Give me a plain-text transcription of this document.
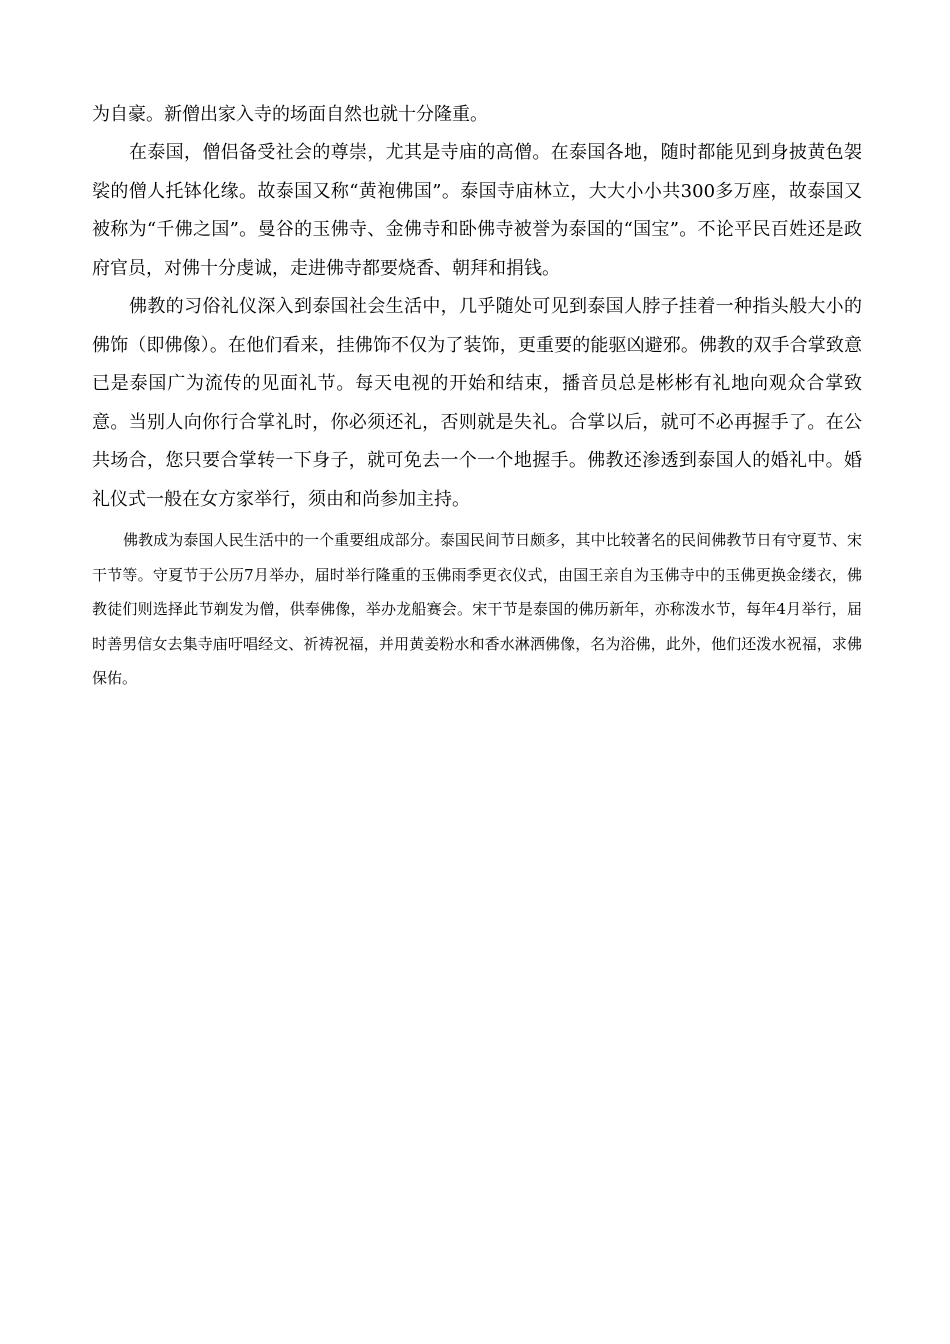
为自豪。新僧出家入寺的场面自然也就十分隆重。

在泰国，僧侣备受社会的尊崇，尤其是寺庙的高僧。在泰国各地，随时都能见到身披黄色袈裟的僧人托钵化缘。故泰国又称“黄袍佛国”。泰国寺庙林立，大大小小共300多万座，故泰国又被称为“千佛之国”。曼谷的玉佛寺、金佛寺和卧佛寺被誉为泰国的“国宝”。不论平民百姓还是政府官员，对佛十分虔诚，走进佛寺都要烧香、朝拜和捐钱。

佛教的习俗礼仪深入到泰国社会生活中，几乎随处可见到泰国人脖子挂着一种指头般大小的佛饰（即佛像）。在他们看来，挂佛饰不仅为了装饰，更重要的能驱凶避邪。佛教的双手合掌致意已是泰国广为流传的见面礼节。每天电视的开始和结束，播音员总是彬彬有礼地向观众合掌致意。当别人向你行合掌礼时，你必须还礼，否则就是失礼。合掌以后，就可不必再握手了。在公共场合，您只要合掌转一下身子，就可免去一个一个地握手。佛教还渗透到泰国人的婚礼中。婚礼仪式一般在女方家举行，须由和尚参加主持。

佛教成为泰国人民生活中的一个重要组成部分。泰国民间节日颇多，其中比较著名的民间佛教节日有守夏节、宋干节等。守夏节于公历7月举办，届时举行隆重的玉佛雨季更衣仪式，由国王亲自为玉佛寺中的玉佛更换金缕衣，佛教徒们则选择此节剃发为僧，供奉佛像，举办龙船赛会。宋干节是泰国的佛历新年，亦称泼水节，每年4月举行，届时善男信女去集寺庙吁唱经文、祈祷祝福，并用黄姜粉水和香水淋洒佛像，名为浴佛，此外，他们还泼水祝福，求佛保佑。
